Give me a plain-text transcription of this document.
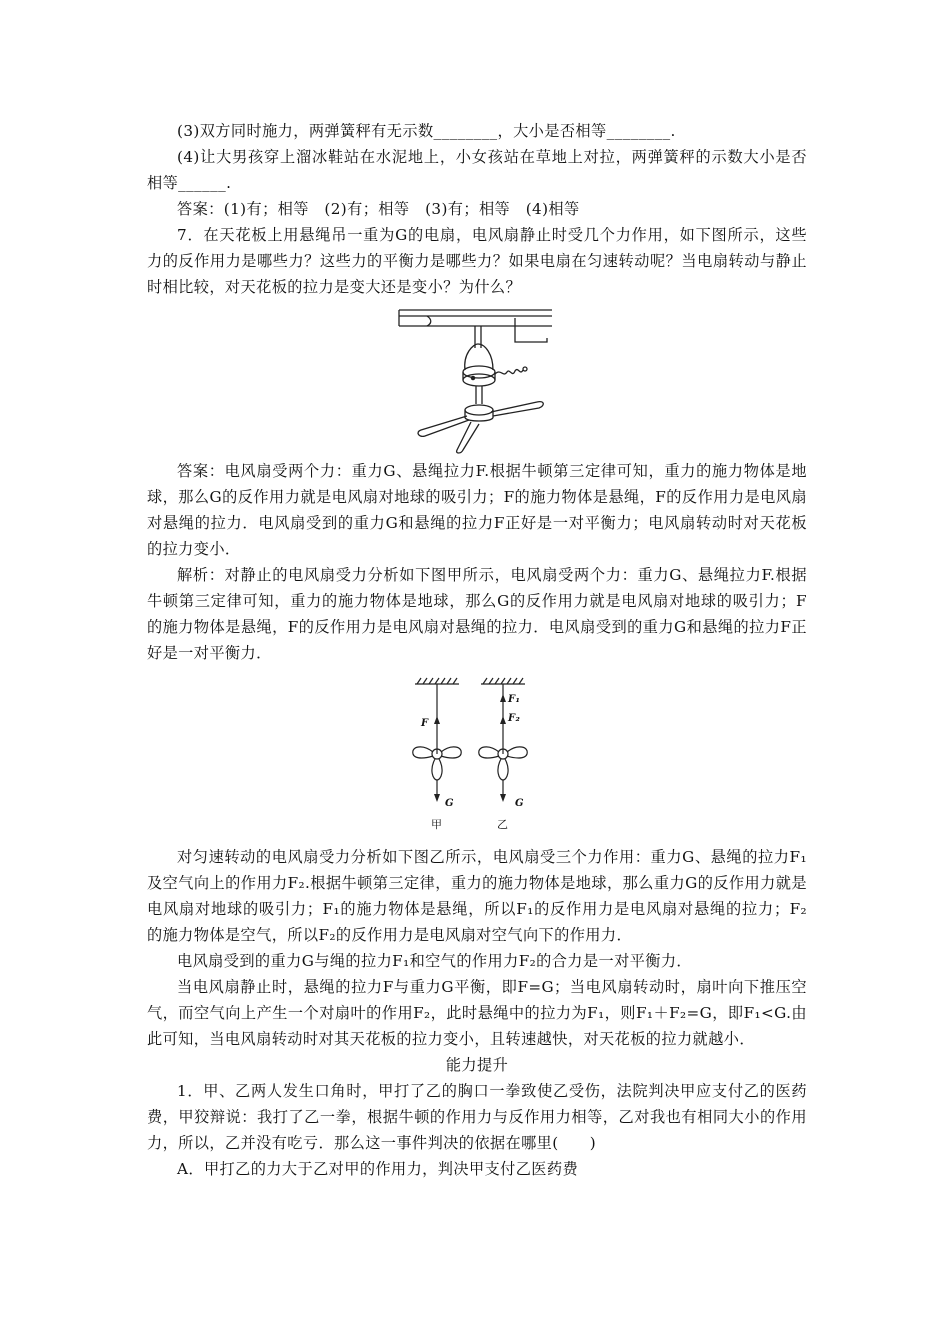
(3)双方同时施力，两弹簧秤有无示数________，大小是否相等________.

(4)让大男孩穿上溜冰鞋站在水泥地上，小女孩站在草地上对拉，两弹簧秤的示数大小是否相等______.

答案：(1)有；相等　(2)有；相等　(3)有；相等　(4)相等

7．在天花板上用悬绳吊一重为G的电扇，电风扇静止时受几个力作用，如下图所示，这些力的反作用力是哪些力？这些力的平衡力是哪些力？如果电扇在匀速转动呢？当电扇转动与静止时相比较，对天花板的拉力是变大还是变小？为什么？

答案：电风扇受两个力：重力G、悬绳拉力F.根据牛顿第三定律可知，重力的施力物体是地球，那么G的反作用力就是电风扇对地球的吸引力；F的施力物体是悬绳，F的反作用力是电风扇对悬绳的拉力．电风扇受到的重力G和悬绳的拉力F正好是一对平衡力；电风扇转动时对天花板的拉力变小．

解析：对静止的电风扇受力分析如下图甲所示，电风扇受两个力：重力G、悬绳拉力F.根据牛顿第三定律可知，重力的施力物体是地球，那么G的反作用力就是电风扇对地球的吸引力；F的施力物体是悬绳，F的反作用力是电风扇对悬绳的拉力．电风扇受到的重力G和悬绳的拉力F正好是一对平衡力．

F
G
F₁
F₂
G
甲	乙

对匀速转动的电风扇受力分析如下图乙所示，电风扇受三个力作用：重力G、悬绳的拉力F₁及空气向上的作用力F₂.根据牛顿第三定律，重力的施力物体是地球，那么重力G的反作用力就是电风扇对地球的吸引力；F₁的施力物体是悬绳，所以F₁的反作用力是电风扇对悬绳的拉力；F₂的施力物体是空气，所以F₂的反作用力是电风扇对空气向下的作用力．

电风扇受到的重力G与绳的拉力F₁和空气的作用力F₂的合力是一对平衡力．

当电风扇静止时，悬绳的拉力F与重力G平衡，即F=G；当电风扇转动时，扇叶向下推压空气，而空气向上产生一个对扇叶的作用F₂，此时悬绳中的拉力为F₁，则F₁＋F₂=G，即F₁<G.由此可知，当电风扇转动时对其天花板的拉力变小，且转速越快，对天花板的拉力就越小．

能力提升

1．甲、乙两人发生口角时，甲打了乙的胸口一拳致使乙受伤，法院判决甲应支付乙的医药费，甲狡辩说：我打了乙一拳，根据牛顿的作用力与反作用力相等，乙对我也有相同大小的作用力，所以，乙并没有吃亏．那么这一事件判决的依据在哪里(　　)

A．甲打乙的力大于乙对甲的作用力，判决甲支付乙医药费
